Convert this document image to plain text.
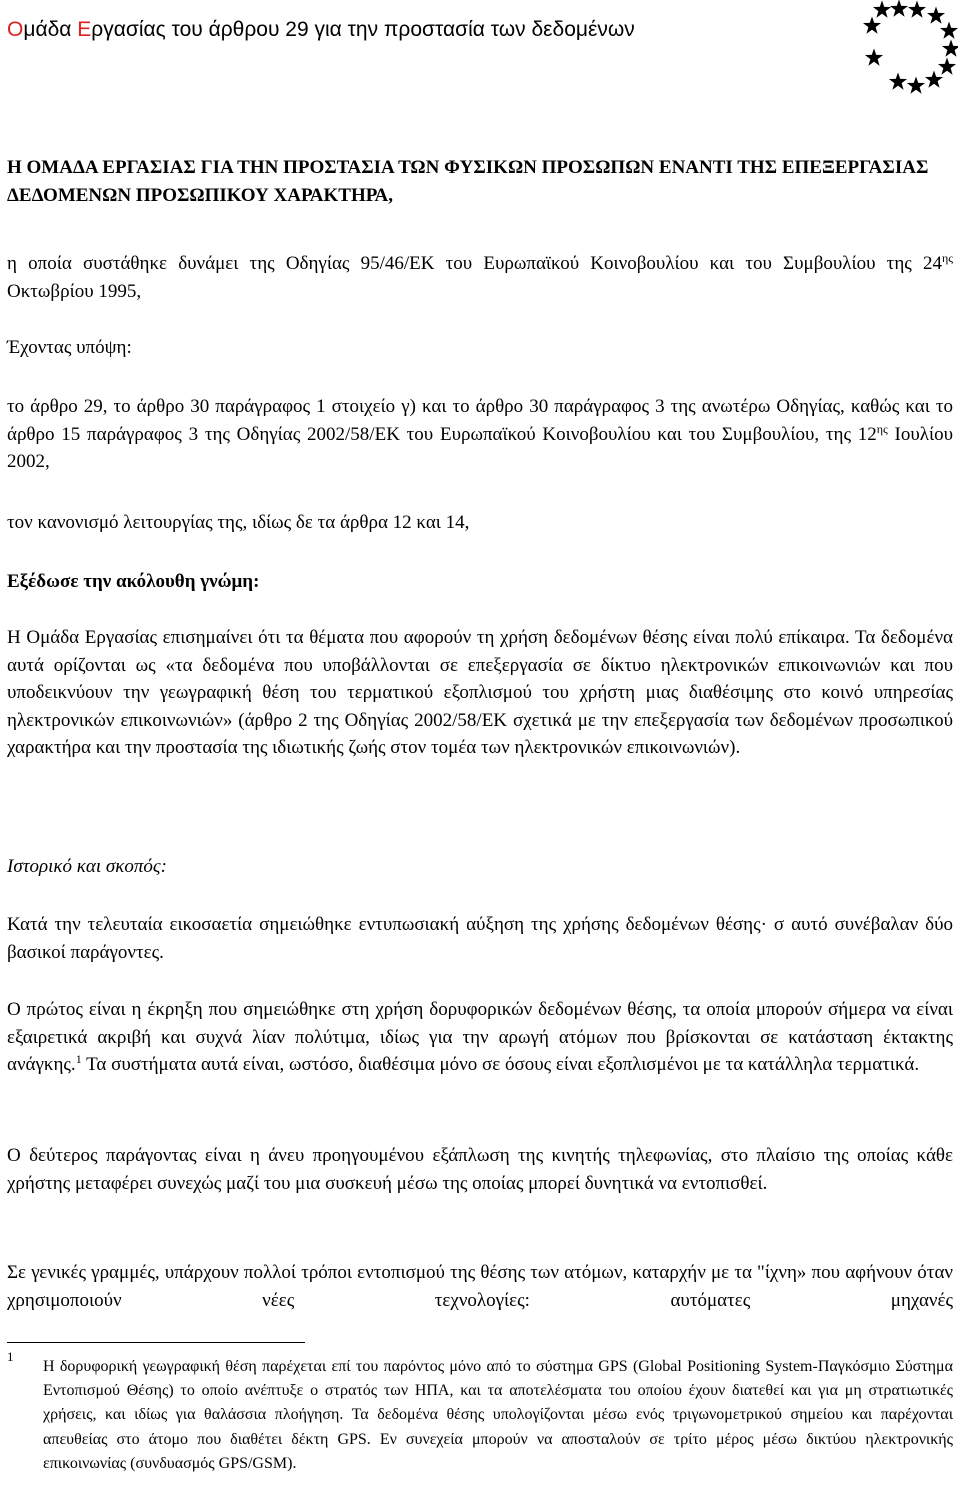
Ομάδα Εργασίας του άρθρου 29 για την προστασία των δεδομένων

Η ΟΜΑΔΑ ΕΡΓΑΣΙΑΣ ΓΙΑ ΤΗΝ ΠΡΟΣΤΑΣΙΑ ΤΩΝ ΦΥΣΙΚΩΝ ΠΡΟΣΩΠΩΝ ΕΝΑΝΤΙ ΤΗΣ ΕΠΕΞΕΡΓΑΣΙΑΣ ΔΕΔΟΜΕΝΩΝ ΠΡΟΣΩΠΙΚΟΥ ΧΑΡΑΚΤΗΡΑ,

η οποία συστάθηκε δυνάμει της Οδηγίας 95/46/ΕΚ του Ευρωπαϊκού Κοινοβουλίου και του Συμβουλίου της $24^{\eta\varsigma}$ Οκτωβρίου 1995,

Έχοντας υπόψη:

το άρθρο 29, το άρθρο 30 παράγραφος 1 στοιχείο γ) και το άρθρο 30 παράγραφος 3 της ανωτέρω Οδηγίας, καθώς και το άρθρο 15 παράγραφος 3 της Οδηγίας 2002/58/ΕΚ του Ευρωπαϊκού Κοινοβουλίου και του Συμβουλίου, της $12^{\eta\varsigma}$ Ιουλίου 2002,

τον κανονισμό λειτουργίας της, ιδίως δε τα άρθρα 12 και 14,

Εξέδωσε την ακόλουθη γνώμη:

Η Ομάδα Εργασίας επισημαίνει ότι τα θέματα που αφορούν τη χρήση δεδομένων θέσης είναι πολύ επίκαιρα. Τα δεδομένα αυτά ορίζονται ως «τα δεδομένα που υποβάλλονται σε επεξεργασία σε δίκτυο ηλεκτρονικών επικοινωνιών και που υποδεικνύουν την γεωγραφική θέση του τερματικού εξοπλισμού του χρήστη μιας διαθέσιμης στο κοινό υπηρεσίας ηλεκτρονικών επικοινωνιών» (άρθρο 2 της Οδηγίας 2002/58/ΕΚ σχετικά με την επεξεργασία των δεδομένων προσωπικού χαρακτήρα και την προστασία της ιδιωτικής ζωής στον τομέα των ηλεκτρονικών επικοινωνιών).

Ιστορικό και σκοπός:

Κατά την τελευταία εικοσαετία σημειώθηκε εντυπωσιακή αύξηση της χρήσης δεδομένων θέσης· σ αυτό συνέβαλαν δύο βασικοί παράγοντες.

Ο πρώτος είναι η έκρηξη που σημειώθηκε στη χρήση δορυφορικών δεδομένων θέσης, τα οποία μπορούν σήμερα να είναι εξαιρετικά ακριβή και συχνά λίαν πολύτιμα, ιδίως για την αρωγή ατόμων που βρίσκονται σε κατάσταση έκτακτης ανάγκης.$^1$ Τα συστήματα αυτά είναι, ωστόσο, διαθέσιμα μόνο σε όσους είναι εξοπλισμένοι με τα κατάλληλα τερματικά.

Ο δεύτερος παράγοντας είναι η άνευ προηγουμένου εξάπλωση της κινητής τηλεφωνίας, στο πλαίσιο της οποίας κάθε χρήστης μεταφέρει συνεχώς μαζί του μια συσκευή μέσω της οποίας μπορεί δυνητικά να εντοπισθεί.

Σε γενικές γραμμές, υπάρχουν πολλοί τρόποι εντοπισμού της θέσης των ατόμων, καταρχήν με τα "ίχνη» που αφήνουν όταν χρησιμοποιούν νέες τεχνολογίες: αυτόματες μηχανές

1

Η δορυφορική γεωγραφική θέση παρέχεται επί του παρόντος μόνο από το σύστημα GPS (Global Positioning System-Παγκόσμιο Σύστημα Εντοπισμού Θέσης) το οποίο ανέπτυξε ο στρατός των ΗΠΑ, και τα αποτελέσματα του οποίου έχουν διατεθεί και για μη στρατιωτικές χρήσεις, και ιδίως για θαλάσσια πλοήγηση. Τα δεδομένα θέσης υπολογίζονται μέσω ενός τριγωνομετρικού σημείου και παρέχονται απευθείας στο άτομο που διαθέτει δέκτη GPS. Εν συνεχεία μπορούν να αποσταλούν σε τρίτο μέρος μέσω δικτύου ηλεκτρονικής επικοινωνίας (συνδυασμός GPS/GSM).
